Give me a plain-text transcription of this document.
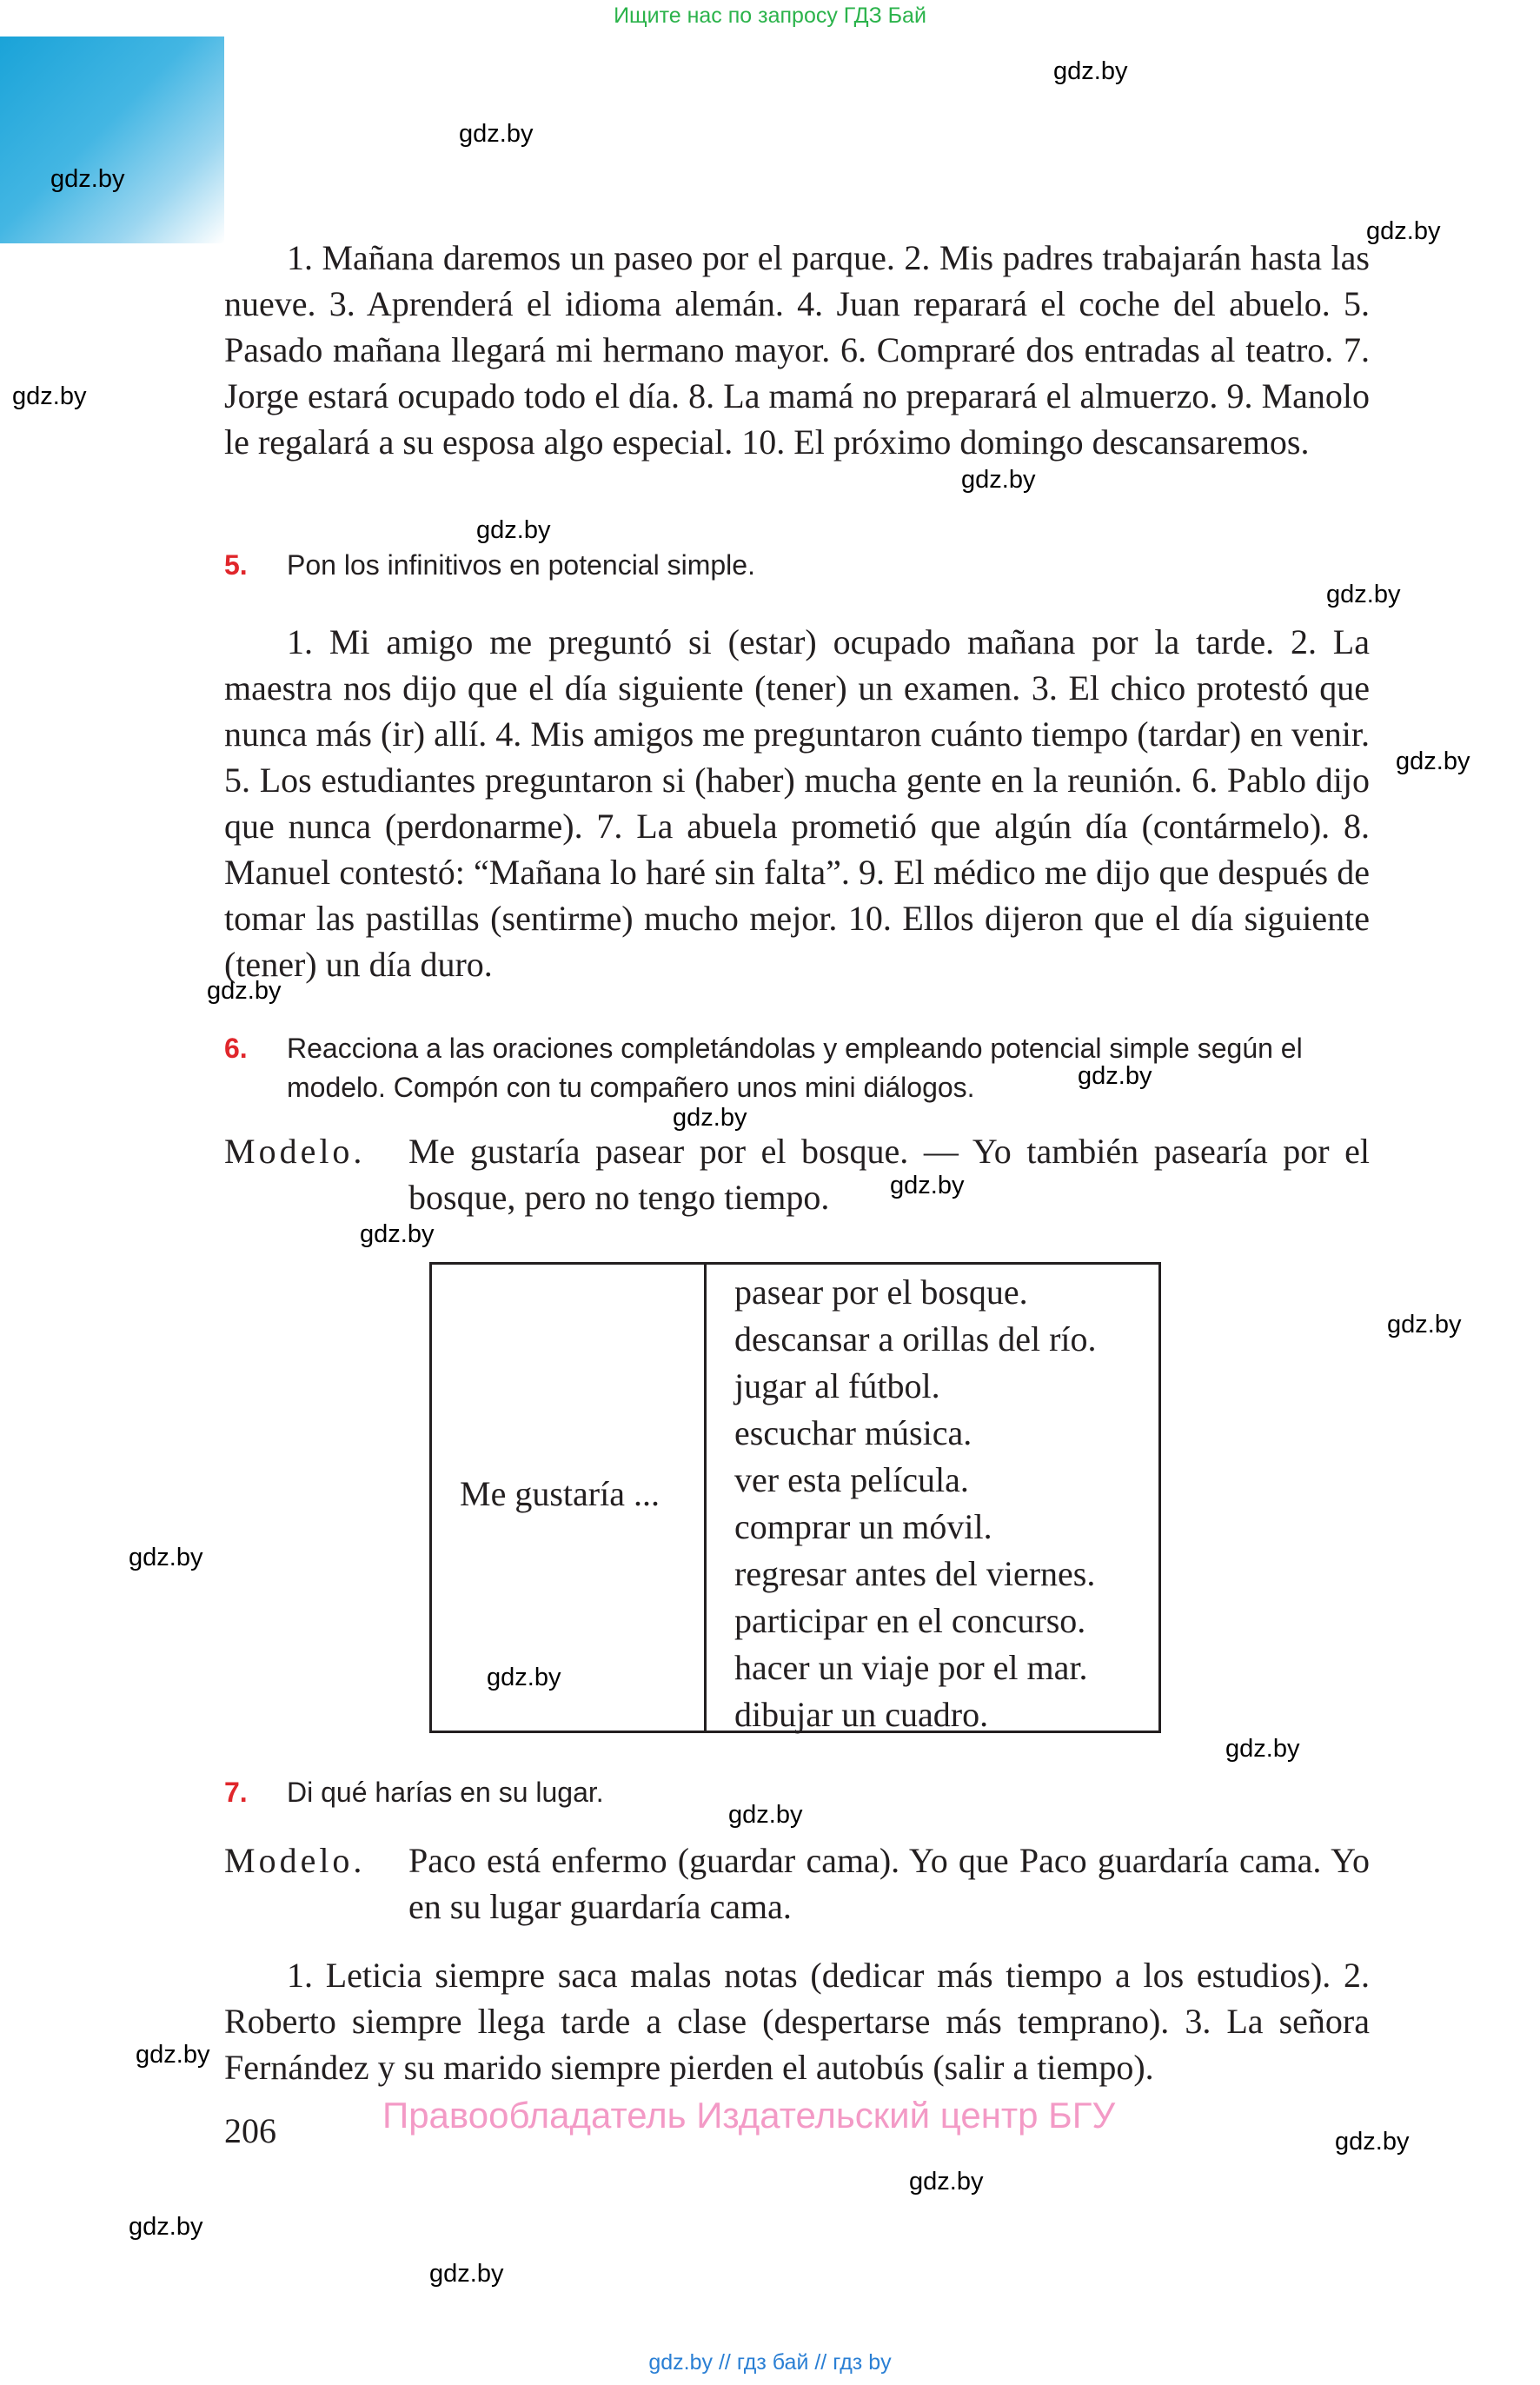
Ищите нас по запросу ГДЗ Бай
gdz.by
gdz.by
gdz.by
gdz.by
gdz.by
gdz.by
gdz.by
gdz.by
gdz.by
gdz.by
gdz.by
gdz.by
gdz.by
gdz.by
gdz.by
gdz.by
gdz.by
gdz.by
gdz.by
gdz.by
gdz.by
gdz.by
gdz.by
gdz.by
1. Mañana daremos un paseo por el parque. 2. Mis padres trabajarán hasta las nueve. 3. Aprenderá el idioma alemán. 4. Juan reparará el coche del abuelo. 5. Pasado mañana llegará mi hermano mayor. 6. Compraré dos entradas al teatro. 7. Jorge estará ocupado todo el día. 8. La mamá no preparará el almuerzo. 9. Manolo le regalará a su esposa algo especial. 10. El próximo domingo descansaremos.
5. Pon los infinitivos en potencial simple.
1. Mi amigo me preguntó si (estar) ocupado mañana por la tarde. 2. La maestra nos dijo que el día siguiente (tener) un examen. 3. El chico protestó que nunca más (ir) allí. 4. Mis amigos me preguntaron cuánto tiempo (tardar) en venir. 5. Los estudiantes preguntaron si (haber) mucha gente en la reunión. 6. Pablo dijo que nunca (perdonarme). 7. La abuela prometió que algún día (contármelo). 8. Manuel contestó: “Mañana lo haré sin falta”. 9. El médico me dijo que después de tomar las pastillas (sentirme) mucho mejor. 10. Ellos dijeron que el día siguiente (tener) un día duro.
6. Reacciona a las oraciones completándolas y empleando potencial simple según el modelo. Compón con tu compañero unos mini diálogos.
Modelo. Me gustaría pasear por el bosque. — Yo también pasearía por el bosque, pero no tengo tiempo.
Me gustaría ...
pasear por el bosque.
descansar a orillas del río.
jugar al fútbol.
escuchar música.
ver esta película.
comprar un móvil.
regresar antes del viernes.
participar en el concurso.
hacer un viaje por el mar.
dibujar un cuadro.
7. Di qué harías en su lugar.
Modelo. Paco está enfermo (guardar cama). Yo que Paco guardaría cama. Yo en su lugar guardaría cama.
1. Leticia siempre saca malas notas (dedicar más tiempo a los estudios). 2. Roberto siempre llega tarde a clase (despertarse más temprano). 3. La señora Fernández y su marido siempre pierden el autobús (salir a tiempo).
206	Правообладатель Издательский центр БГУ
gdz.by // гдз бай // гдз by
